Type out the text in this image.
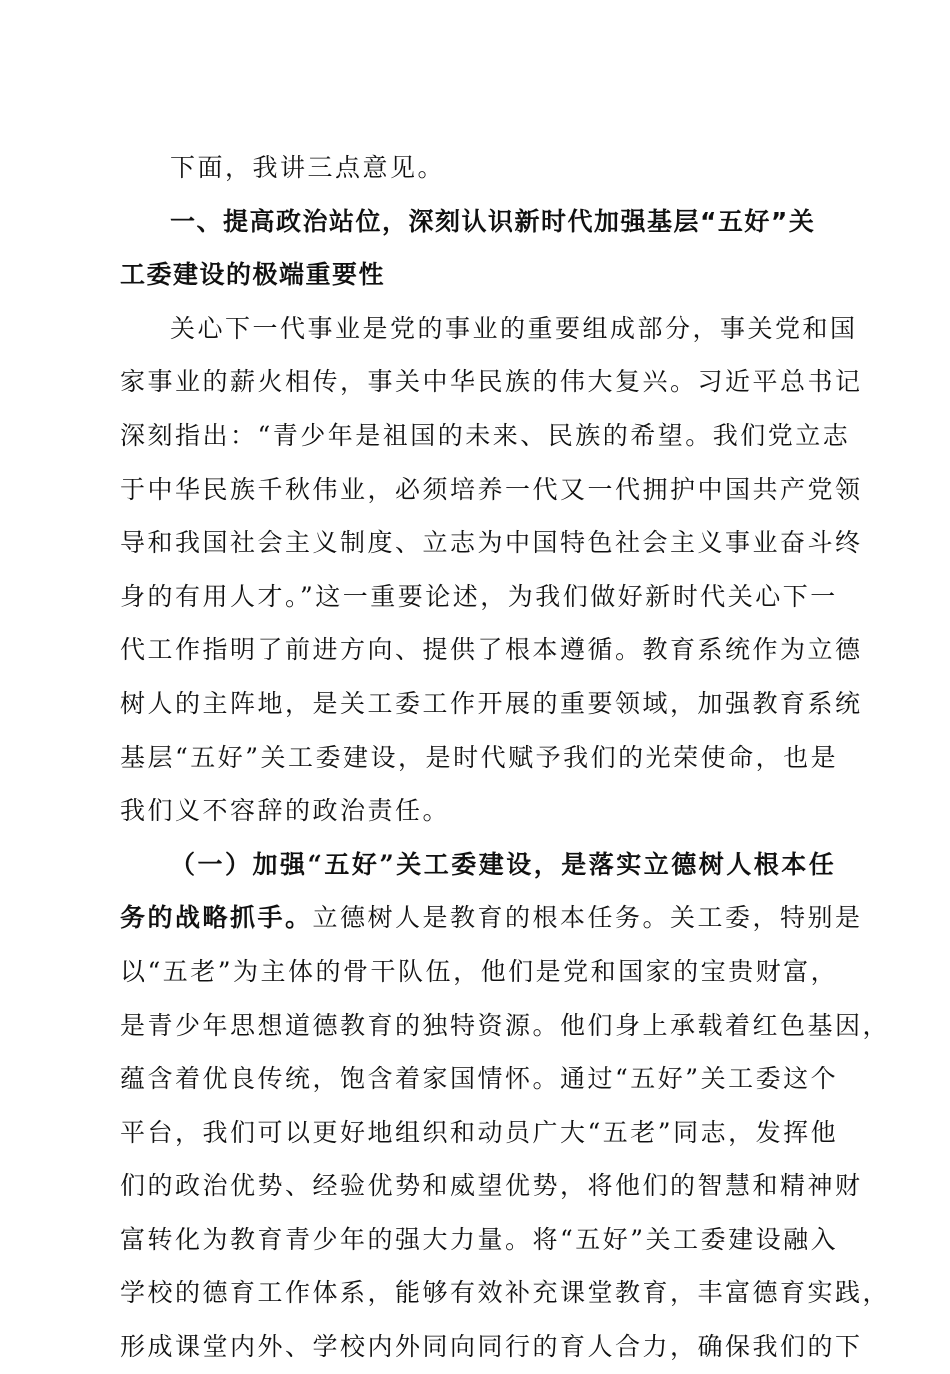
下面，我讲三点意见。
一、提高政治站位，深刻认识新时代加强基层“五好”关
工委建设的极端重要性
关心下一代事业是党的事业的重要组成部分，事关党和国
家事业的薪火相传，事关中华民族的伟大复兴。习近平总书记
深刻指出：“青少年是祖国的未来、民族的希望。我们党立志
于中华民族千秋伟业，必须培养一代又一代拥护中国共产党领
导和我国社会主义制度、立志为中国特色社会主义事业奋斗终
身的有用人才。”这一重要论述，为我们做好新时代关心下一
代工作指明了前进方向、提供了根本遵循。教育系统作为立德
树人的主阵地，是关工委工作开展的重要领域，加强教育系统
基层“五好”关工委建设，是时代赋予我们的光荣使命，也是
我们义不容辞的政治责任。
（一）加强“五好”关工委建设，是落实立德树人根本任
务的战略抓手。立德树人是教育的根本任务。关工委，特别是
以“五老”为主体的骨干队伍，他们是党和国家的宝贵财富，
是青少年思想道德教育的独特资源。他们身上承载着红色基因，
蕴含着优良传统，饱含着家国情怀。通过“五好”关工委这个
平台，我们可以更好地组织和动员广大“五老”同志，发挥他
们的政治优势、经验优势和威望优势，将他们的智慧和精神财
富转化为教育青少年的强大力量。将“五好”关工委建设融入
学校的德育工作体系，能够有效补充课堂教育，丰富德育实践，
形成课堂内外、学校内外同向同行的育人合力，确保我们的下
